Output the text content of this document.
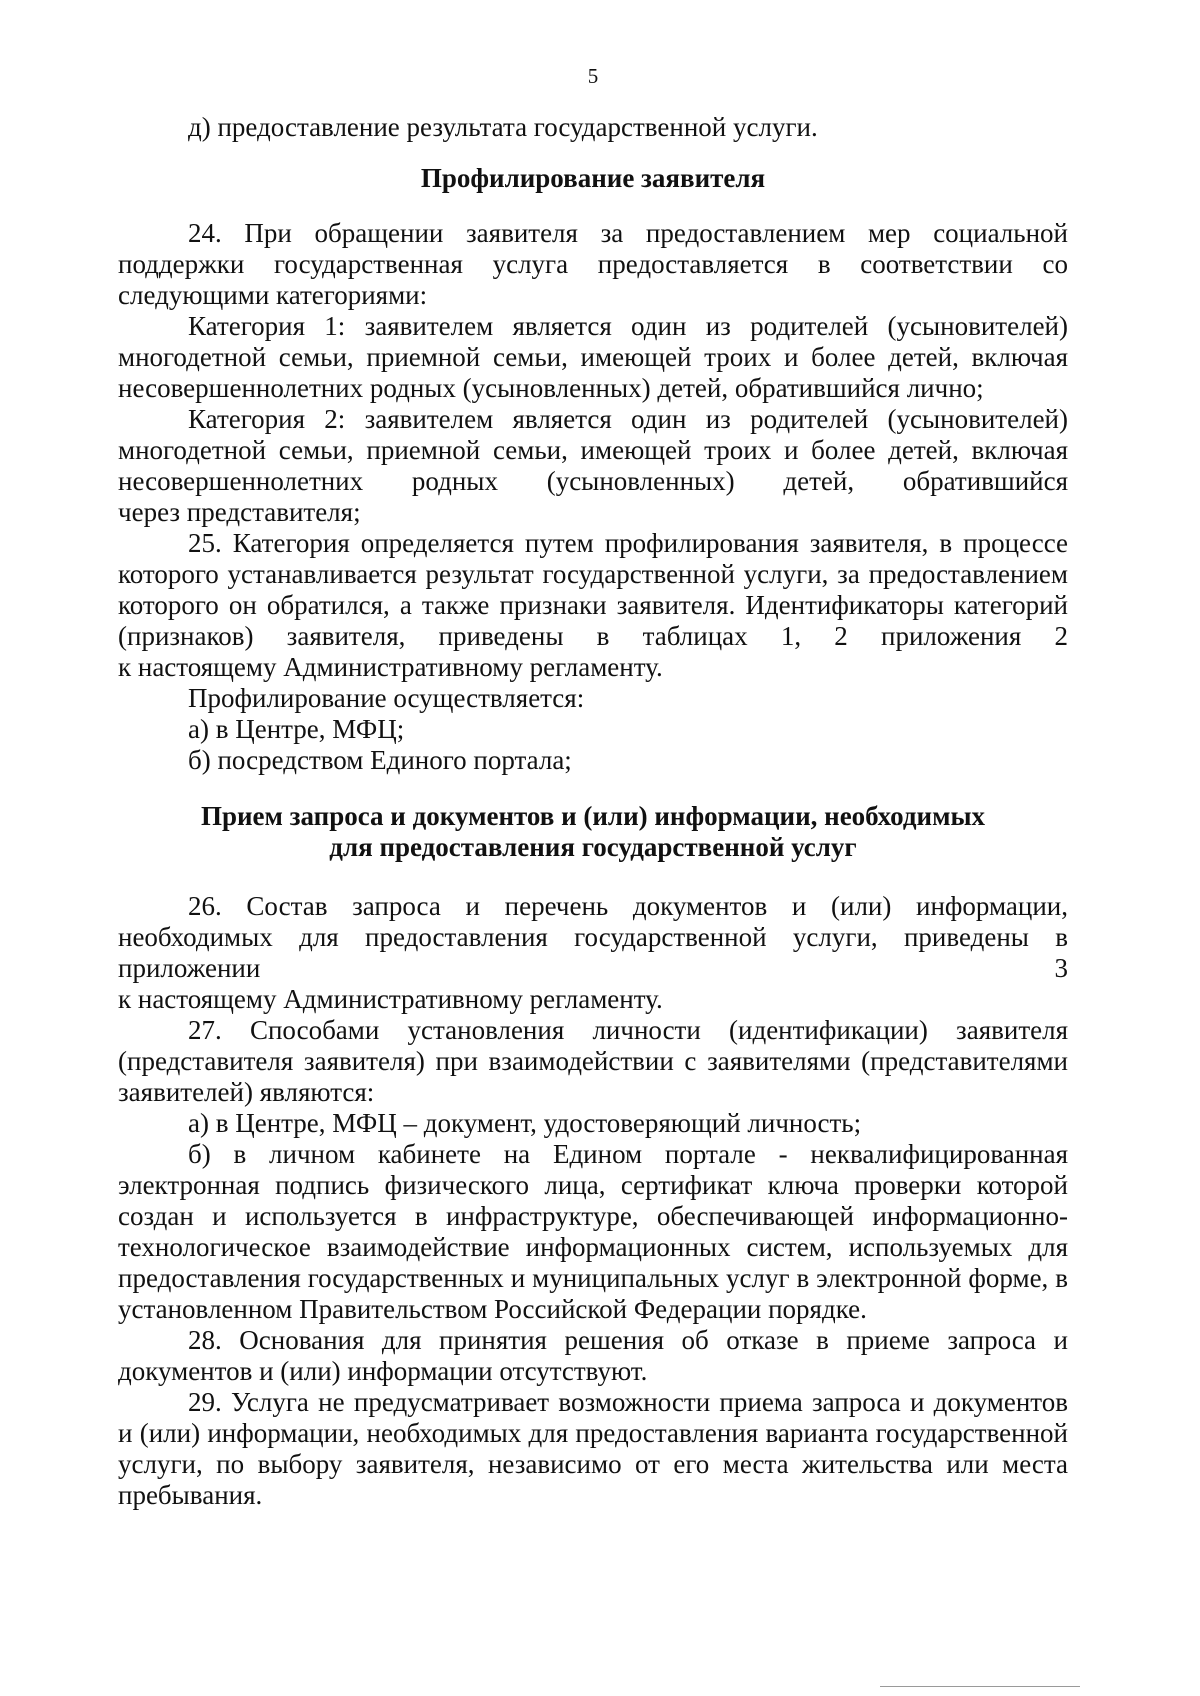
5

д) предоставление результата государственной услуги.

Профилирование заявителя

24. При обращении заявителя за предоставлением мер социальной поддержки государственная услуга предоставляется в соответствии со следующими категориями:

Категория 1: заявителем является один из родителей (усыновителей) многодетной семьи, приемной семьи, имеющей троих и более детей, включая несовершеннолетних родных (усыновленных) детей, обратившийся лично;

Категория 2: заявителем является один из родителей (усыновителей) многодетной семьи, приемной семьи, имеющей троих и более детей, включая несовершеннолетних родных (усыновленных) детей, обратившийся

через представителя;

25. Категория определяется путем профилирования заявителя, в процессе которого устанавливается результат государственной услуги, за предоставлением которого он обратился, а также признаки заявителя. Идентификаторы категорий (признаков) заявителя, приведены в таблицах 1, 2 приложения 2

к настоящему Административному регламенту.

Профилирование осуществляется:

а) в Центре, МФЦ;

б) посредством Единого портала;

Прием запроса и документов и (или) информации, необходимых
для предоставления государственной услуг

26. Состав запроса и перечень документов и (или) информации, необходимых для предоставления государственной услуги, приведены в приложении 3

к настоящему Административному регламенту.

27. Способами установления личности (идентификации) заявителя (представителя заявителя) при взаимодействии с заявителями (представителями заявителей) являются:

а) в Центре, МФЦ – документ, удостоверяющий личность;

б) в личном кабинете на Едином портале - неквалифицированная электронная подпись физического лица, сертификат ключа проверки которой создан и используется в инфраструктуре, обеспечивающей информационно-технологическое взаимодействие информационных систем, используемых для предоставления государственных и муниципальных услуг в электронной форме, в установленном Правительством Российской Федерации порядке.

28. Основания для принятия решения об отказе в приеме запроса и документов и (или) информации отсутствуют.

29. Услуга не предусматривает возможности приема запроса и документов и (или) информации, необходимых для предоставления варианта государственной услуги, по выбору заявителя, независимо от его места жительства или места пребывания.
